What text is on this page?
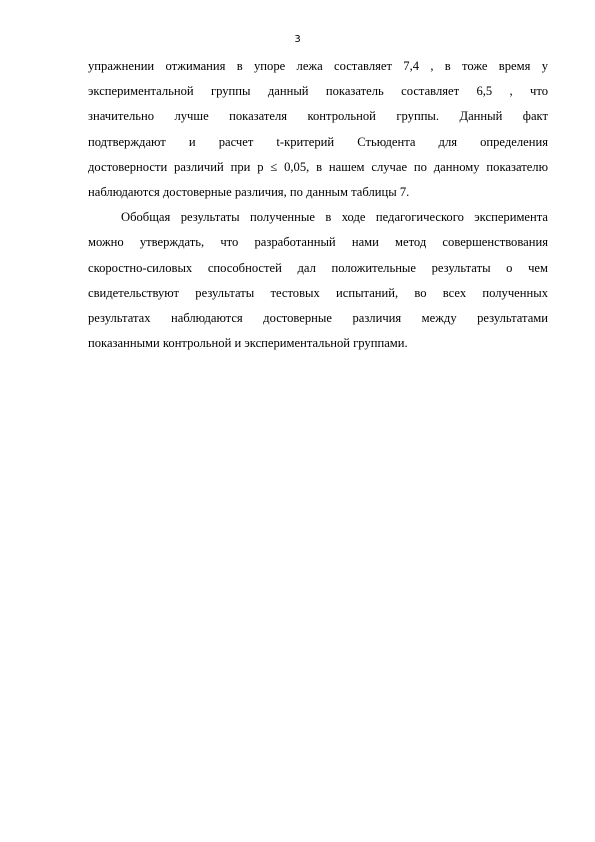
3
упражнении отжимания в упоре лежа составляет 7,4 , в тоже время у
экспериментальной группы данный показатель составляет 6,5 , что
значительно лучше показателя контрольной группы. Данный факт
подтверждают и расчет t-критерий Стьюдента для определения
достоверности различий при p ≤ 0,05, в нашем случае по данному показателю
наблюдаются достоверные различия, по данным таблицы 7.
Обобщая результаты полученные в ходе педагогического эксперимента
можно утверждать, что разработанный нами метод совершенствования
скоростно-силовых способностей дал положительные результаты о чем
свидетельствуют результаты тестовых испытаний, во всех полученных
результатах наблюдаются достоверные различия между результатами
показанными контрольной и экспериментальной группами.
